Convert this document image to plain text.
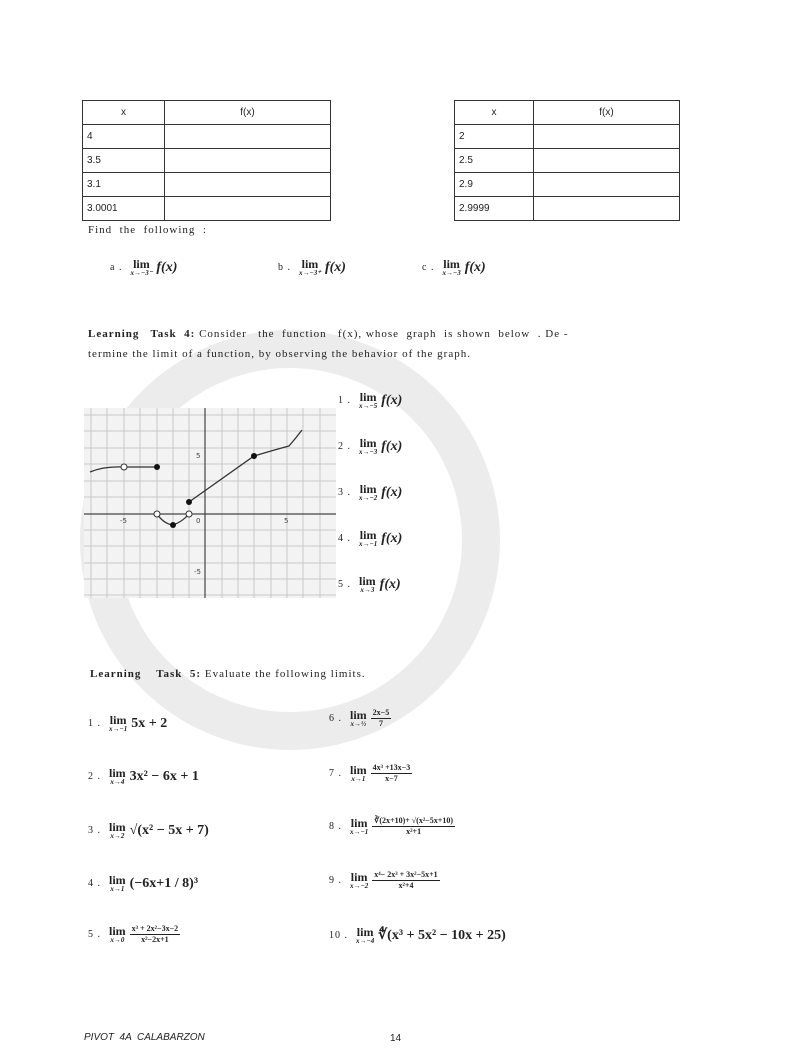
x	f(x)
4	
3.5	
3.1	
3.0001	
x	f(x)
2	
2.5	
2.9	
2.9999	
Find  the  following  :
a . lim
x→−3⁻ f(x)	b . lim
x→−3⁺ f(x)	c . lim
x→−3 f(x)
Learning   Task  4: Consider   the  function   f(x), whose  graph  is shown  below  . De -
termine the limit of a function, by observing the behavior of the graph.
-5	0	5
5
-5
1 . lim
x→−5 f(x)
2 . lim
x→−3 f(x)
3 . lim
x→−2 f(x)
4 . lim
x→−1 f(x)
5 . lim
x→3 f(x)
Learning    Task  5: Evaluate the following limits.
1 . lim
x→−1 5x + 2
2 . lim
x→4 3x² − 6x + 1
3 . lim
x→2 √(x² − 5x + 7)
4 . lim
x→1 (−6x+1 / 8)³
5 . lim
x→0
$\frac{\text{x³ + 2x²−3x−2}}{\text{x²−2x+1}}$
6 . lim
x→½
$\frac{2x-5}{7}$
7 . lim
x→1
$\frac{\text{4x³ +13x−3}}{x-7}$
8 . lim
x→−1
$\frac{\text{∛(2x+10)+ √(x²−5x+10)}}{\text{x²+1}}$
9 . lim
x→−2
$\frac{\text{x⁴− 2x³ + 3x²−5x+1}}{\text{x²+4}}$
10 . lim
x→−4 ∜(x³ + 5x² − 10x + 25)
PIVOT  4A  CALABARZON	14
